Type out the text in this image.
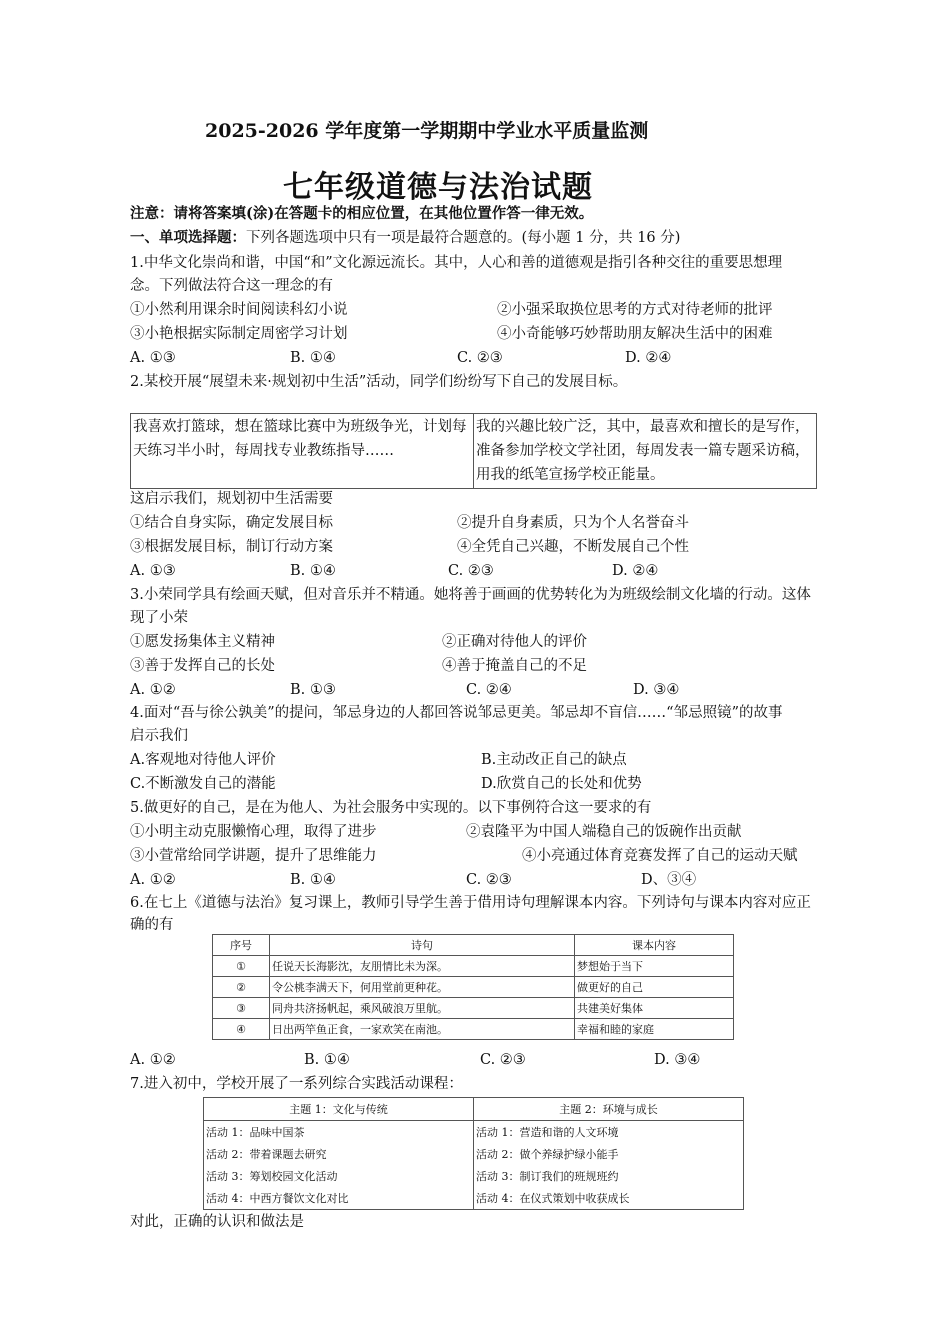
2025-2026 学年度第一学期期中学业水平质量监测
七年级道德与法治试题
注意：请将答案填(涂)在答题卡的相应位置，在其他位置作答一律无效。
一、单项选择题：下列各题选项中只有一项是最符合题意的。(每小题 1 分，共 16 分)
1.中华文化崇尚和谐，中国“和”文化源远流长。其中，人心和善的道德观是指引各种交往的重要思想理
念。下列做法符合这一理念的有
①小然利用课余时间阅读科幻小说	②小强采取换位思考的方式对待老师的批评
③小艳根据实际制定周密学习计划	④小奇能够巧妙帮助朋友解决生活中的困难
A. ①③	B. ①④	C. ②③	D. ②④
2.某校开展“展望未来·规划初中生活”活动，同学们纷纷写下自己的发展目标。
我喜欢打篮球，想在篮球比赛中为班级争光，计划每天练习半小时，每周找专业教练指导……	我的兴趣比较广泛，其中，最喜欢和擅长的是写作，准备参加学校文学社团，每周发表一篇专题采访稿，用我的纸笔宣扬学校正能量。
这启示我们，规划初中生活需要
①结合自身实际，确定发展目标	②提升自身素质，只为个人名誉奋斗
③根据发展目标，制订行动方案	④全凭自己兴趣，不断发展自己个性
A. ①③	B. ①④	C. ②③	D. ②④
3.小荣同学具有绘画天赋，但对音乐并不精通。她将善于画画的优势转化为为班级绘制文化墙的行动。这体
现了小荣
①愿发扬集体主义精神	②正确对待他人的评价
③善于发挥自己的长处	④善于掩盖自己的不足
A. ①②	B. ①③	C. ②④	D. ③④
4.面对“吾与徐公孰美”的提问，邹忌身边的人都回答说邹忌更美。邹忌却不盲信……“邹忌照镜”的故事
启示我们
A.客观地对待他人评价	B.主动改正自己的缺点
C.不断激发自己的潜能	D.欣赏自己的长处和优势
5.做更好的自己，是在为他人、为社会服务中实现的。以下事例符合这一要求的有
①小明主动克服懒惰心理，取得了进步	②袁隆平为中国人端稳自己的饭碗作出贡献
③小萱常给同学讲题，提升了思维能力	④小亮通过体育竞赛发挥了自己的运动天赋
A. ①②	B. ①④	C. ②③	D、③④
6.在七上《道德与法治》复习课上，教师引导学生善于借用诗句理解课本内容。下列诗句与课本内容对应正
确的有
序号	诗句	课本内容
①	任说天长海影沈，友朋情比未为深。	梦想始于当下
②	令公桃李满天下，何用堂前更种花。	做更好的自己
③	同舟共济扬帆起，乘风破浪万里航。	共建美好集体
④	日出两竿鱼正食，一家欢笑在南池。	幸福和睦的家庭
A. ①②	B. ①④	C. ②③	D. ③④
7.进入初中，学校开展了一系列综合实践活动课程：
主题 1：文化与传统	主题 2：环境与成长
活动 1：品味中国茶	活动 1：营造和谐的人文环境
活动 2：带着课题去研究	活动 2：做个养绿护绿小能手
活动 3：筹划校园文化活动	活动 3：制订我们的班规班约
活动 4：中西方餐饮文化对比	活动 4：在仪式策划中收获成长
对此，正确的认识和做法是
